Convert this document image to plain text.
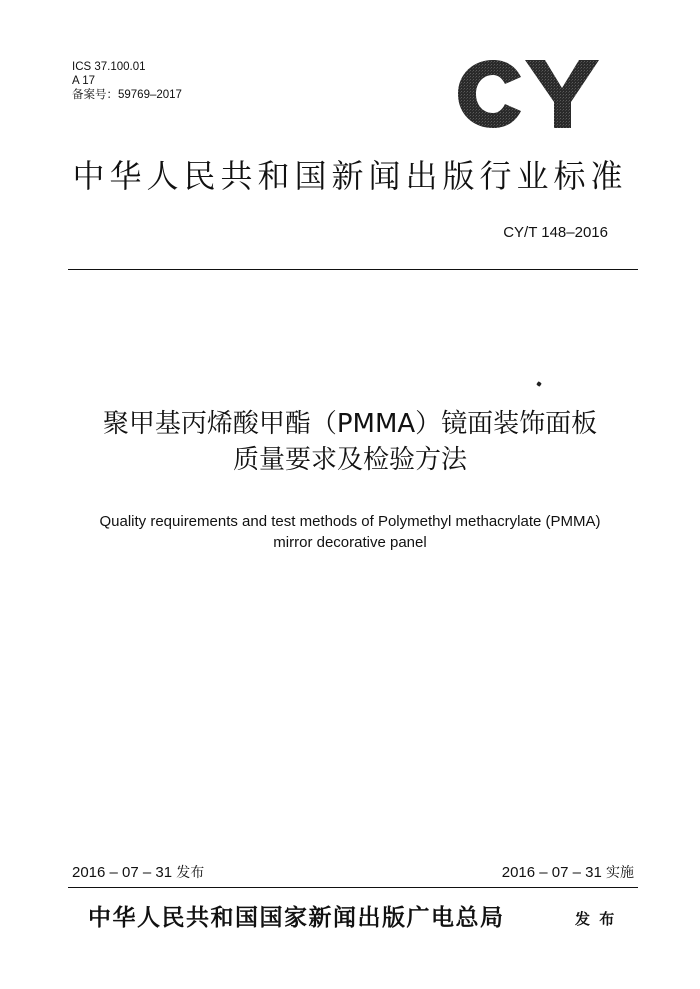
ICS 37.100.01
A 17
备案号：59769–2017
中华人民共和国新闻出版行业标准
CY/T 148–2016
聚甲基丙烯酸甲酯（PMMA）镜面装饰面板
质量要求及检验方法
Quality requirements and test methods of Polymethyl methacrylate (PMMA)
mirror decorative panel
2016 – 07 – 31 发布	2016 – 07 – 31 实施
中华人民共和国国家新闻出版广电总局	发 布
